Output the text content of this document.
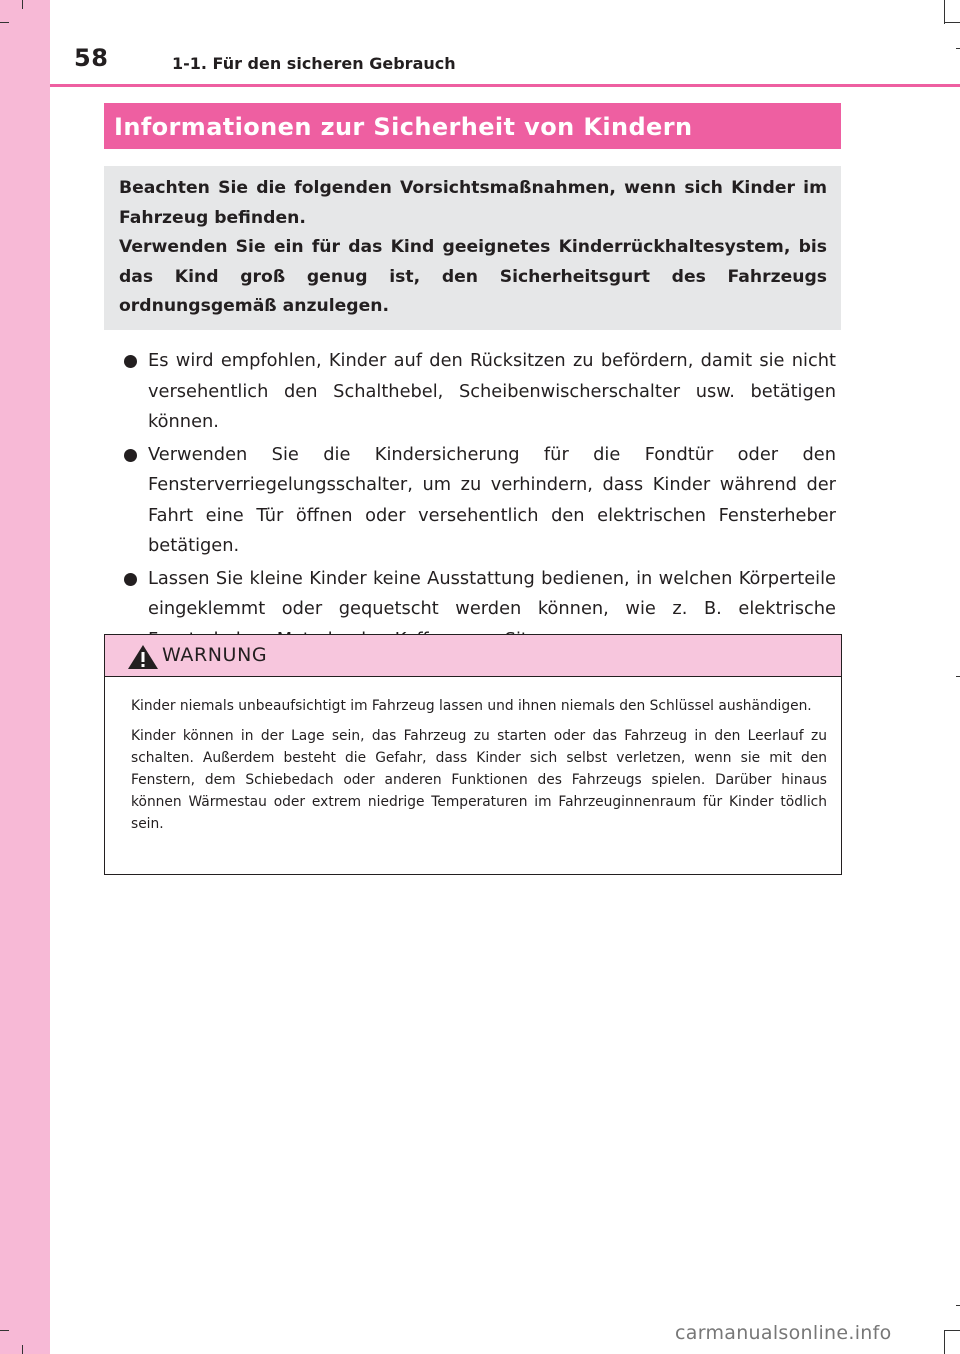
58	1-1. Für den sicheren Gebrauch
Informationen zur Sicherheit von Kindern
Beachten Sie die folgenden Vorsichtsmaßnahmen, wenn sich Kinder im Fahrzeug befinden.
Verwenden Sie ein für das Kind geeignetes Kinderrückhaltesystem, bis das Kind groß genug ist, den Sicherheitsgurt des Fahrzeugs ordnungsgemäß anzulegen.
Es wird empfohlen, Kinder auf den Rücksitzen zu befördern, damit sie nicht versehentlich den Schalthebel, Scheibenwischerschalter usw. betätigen können.
Verwenden Sie die Kindersicherung für die Fondtür oder den Fensterverriegelungsschalter, um zu verhindern, dass Kinder während der Fahrt eine Tür öffnen oder versehentlich den elektrischen Fensterheber betätigen.
Lassen Sie kleine Kinder keine Ausstattung bedienen, in welchen Körperteile eingeklemmt oder gequetscht werden können, wie z. B. elektrische
WARNUNG

Kinder niemals unbeaufsichtigt im Fahrzeug lassen und ihnen niemals den Schlüssel aushändigen.

Kinder können in der Lage sein, das Fahrzeug zu starten oder das Fahrzeug in den Leerlauf zu schalten. Außerdem besteht die Gefahr, dass Kinder sich selbst verletzen, wenn sie mit den Fenstern, dem Schiebedach oder anderen Funktionen des Fahrzeugs spielen. Darüber hinaus können Wärmestau oder extrem niedrige Temperaturen im Fahrzeuginnenraum für Kinder tödlich sein.

carmanualsonline.info
